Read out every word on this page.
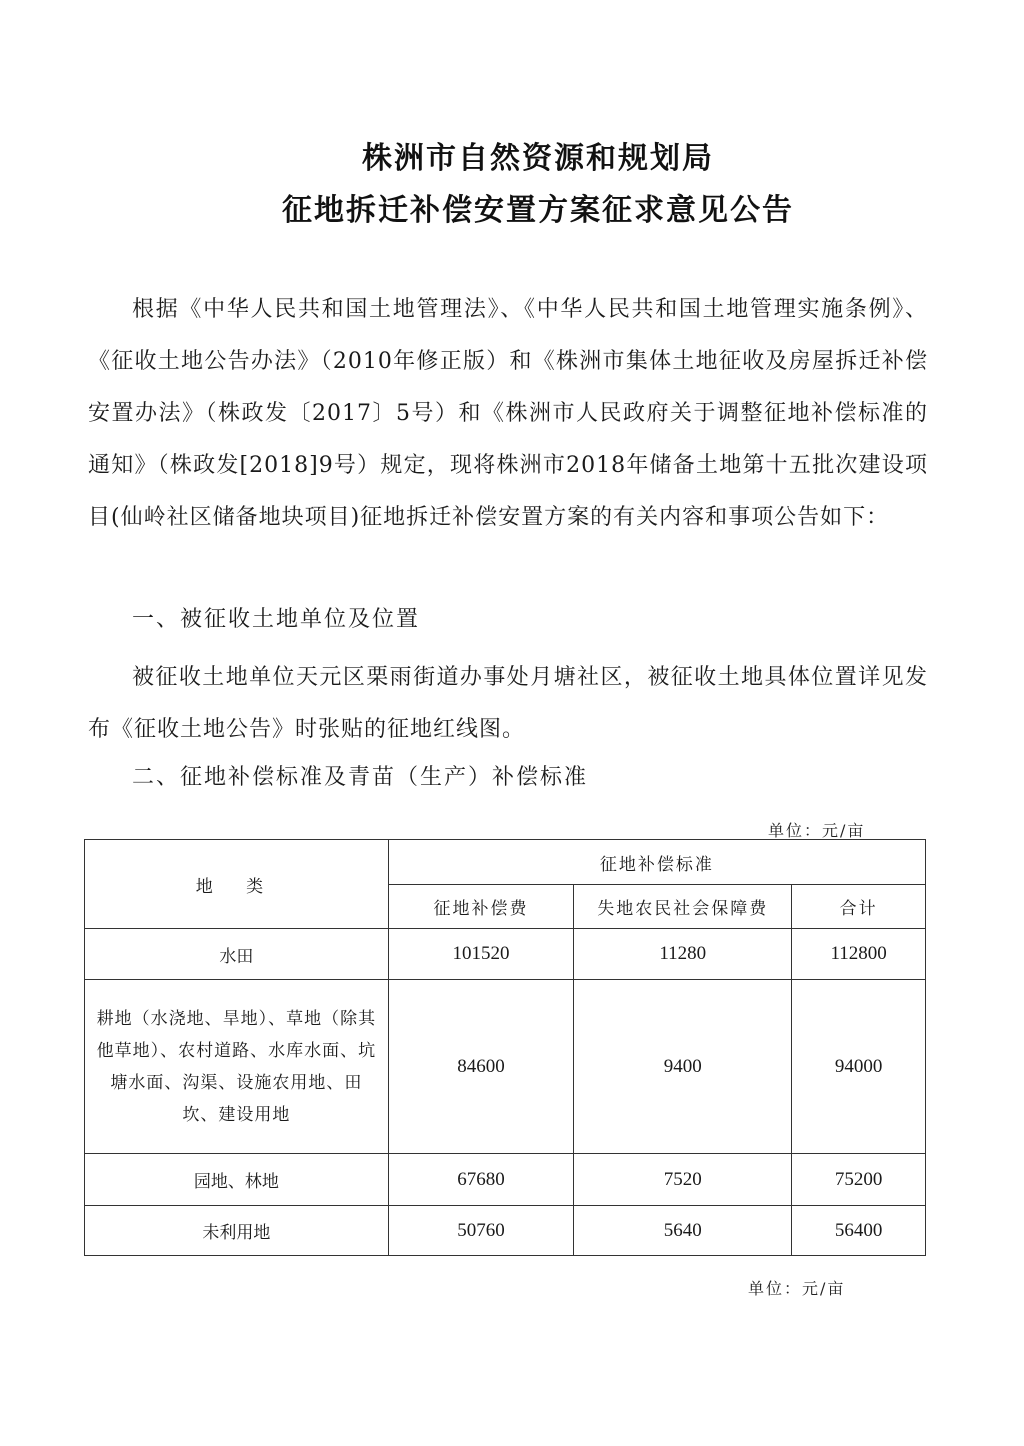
株洲市自然资源和规划局
征地拆迁补偿安置方案征求意见公告
根据《中华人民共和国土地管理法》、《中华人民共和国土地管理实施条例》、《征收土地公告办法》（2010年修正版）和《株洲市集体土地征收及房屋拆迁补偿安置办法》（株政发〔2017〕5号）和《株洲市人民政府关于调整征地补偿标准的通知》（株政发[2018]9号）规定，现将株洲市2018年储备土地第十五批次建设项目(仙岭社区储备地块项目)征地拆迁补偿安置方案的有关内容和事项公告如下：
一、被征收土地单位及位置
被征收土地单位天元区栗雨街道办事处月塘社区，被征收土地具体位置详见发布《征收土地公告》时张贴的征地红线图。
二、征地补偿标准及青苗（生产）补偿标准
单位：元/亩
地 类	征地补偿标准		
	征地补偿费	失地农民社会保障费	合计
水田	101520	11280	112800
耕地（水浇地、旱地）、草地（除其他草地）、农村道路、水库水面、坑塘水面、沟渠、设施农用地、田坎、建设用地	84600	9400	94000
园地、林地	67680	7520	75200
未利用地	50760	5640	56400
单位：元/亩
